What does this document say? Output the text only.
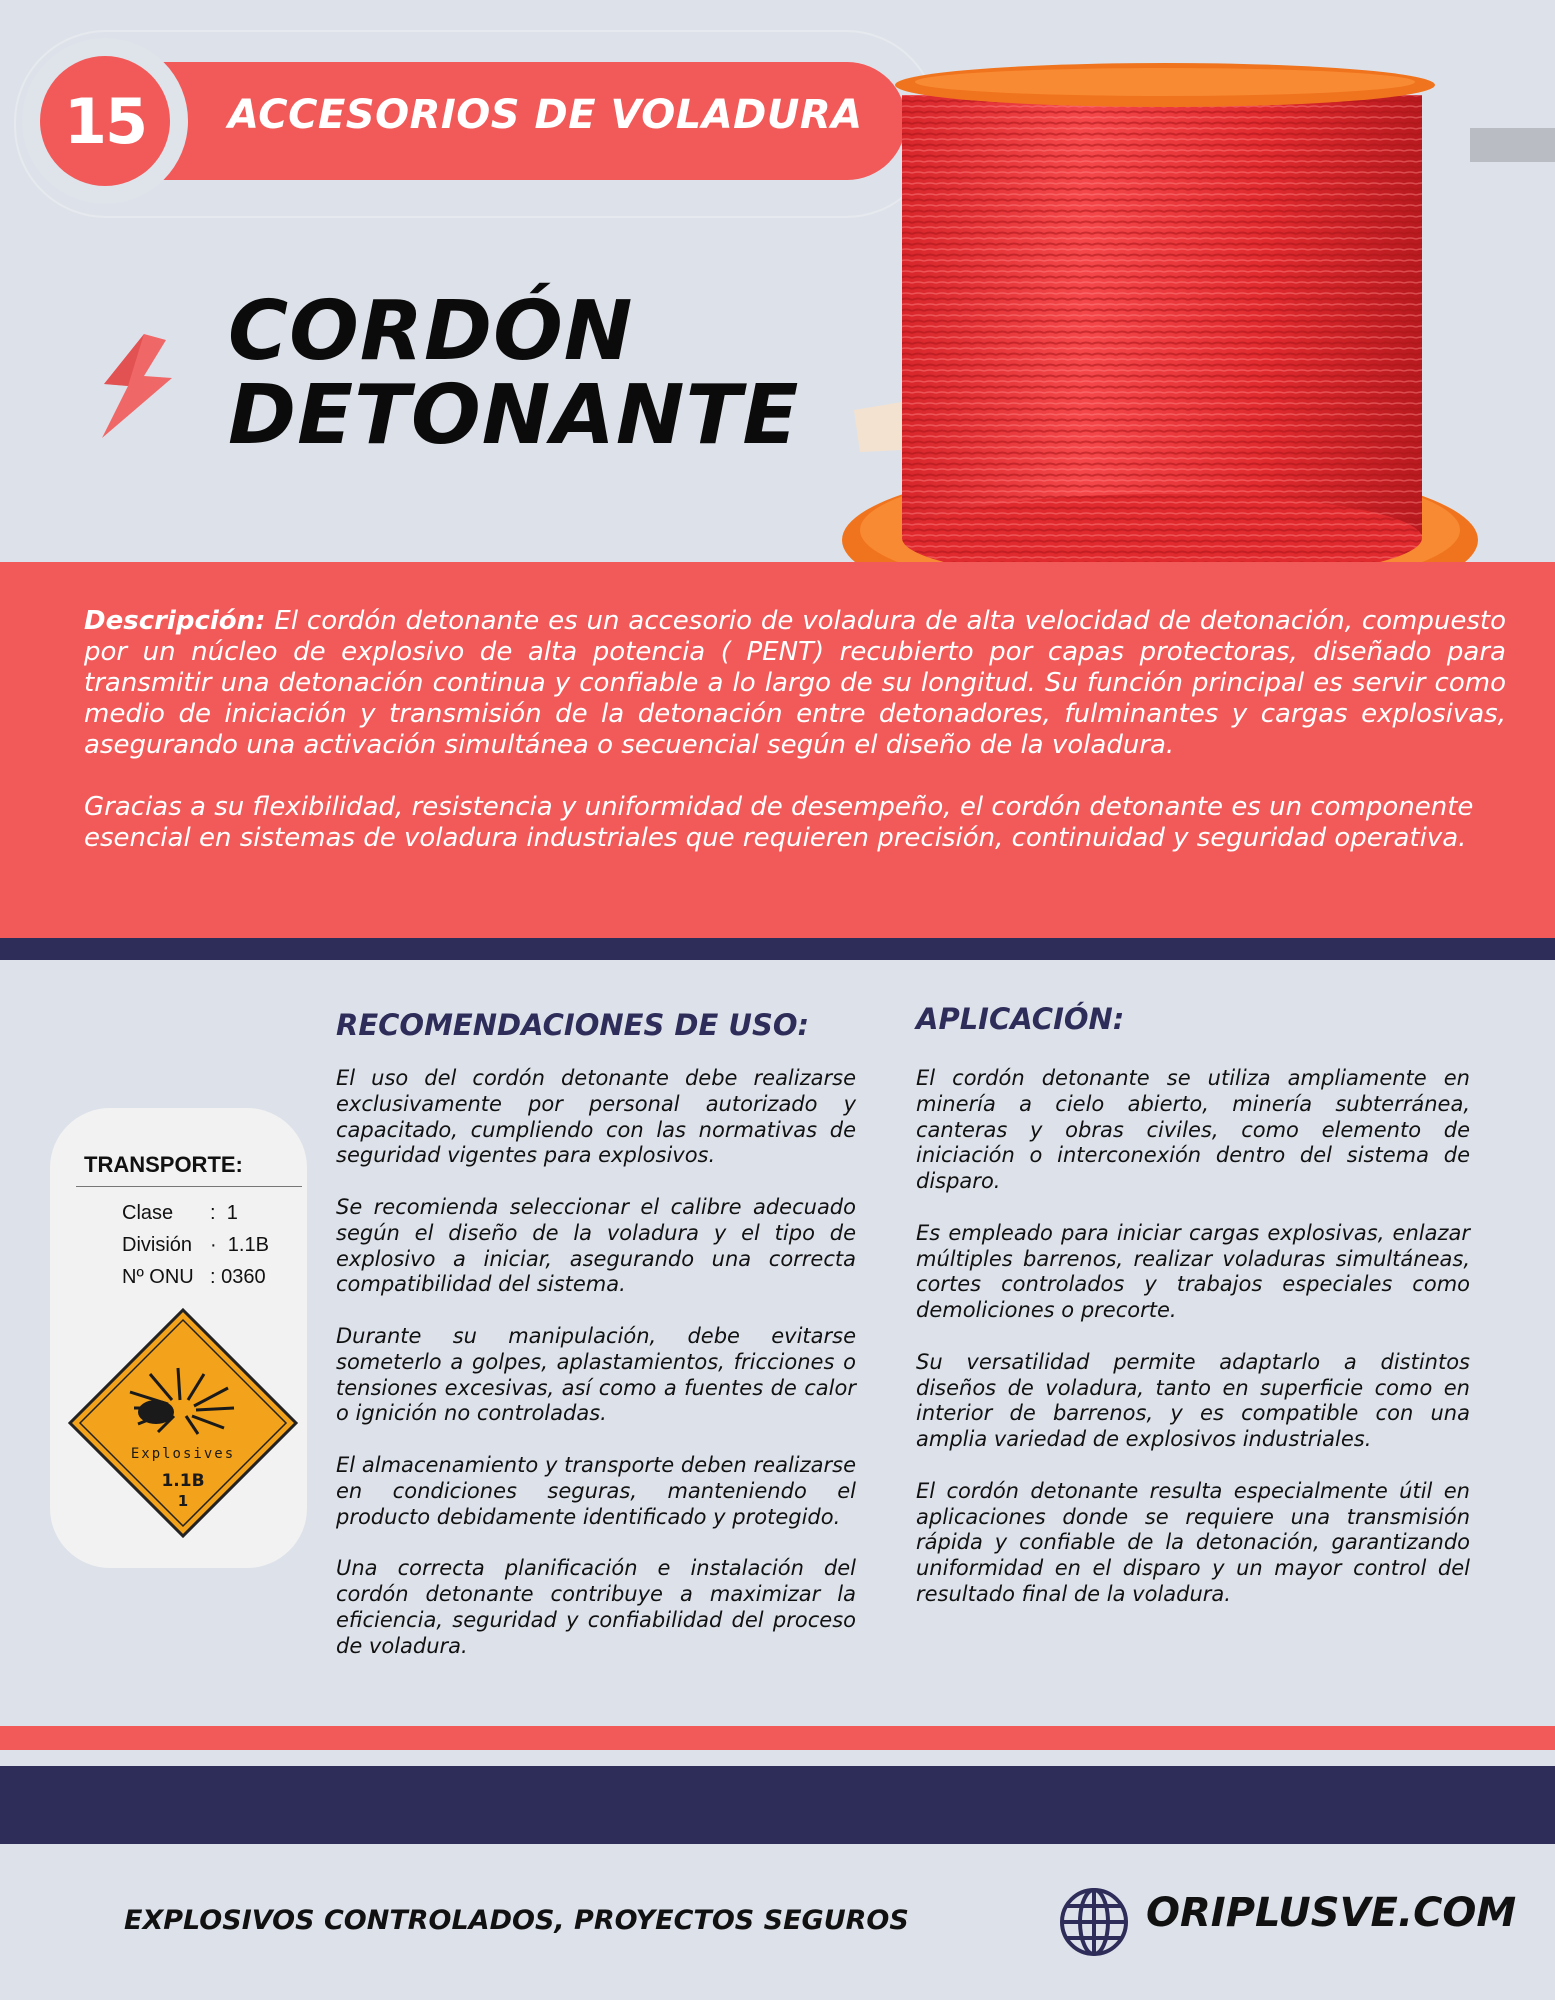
15	ACCESORIOS DE VOLADURA
CORDÓN
DETONANTE

Descripción: El cordón detonante es un accesorio de voladura de alta velocidad de detonación, compuesto por un núcleo de explosivo de alta potencia ( PENT) recubierto por capas protectoras, diseñado para transmitir una detonación continua y confiable a lo largo de su longitud. Su función principal es servir como medio de iniciación y transmisión de la detonación entre detonadores, fulminantes y cargas explosivas, asegurando una activación simultánea o secuencial según el diseño de la voladura.

Gracias a su flexibilidad, resistencia y uniformidad de desempeño, el cordón detonante es un componente esencial en sistemas de voladura industriales que requieren precisión, continuidad y seguridad operativa.

TRANSPORTE:
Clase : 1
División · 1.1B
Nº ONU : 0360
Explosives
1.1B
1
RECOMENDACIONES DE USO:

El uso del cordón detonante debe realizarse exclusivamente por personal autorizado y capacitado, cumpliendo con las normativas de seguridad vigentes para explosivos.

Se recomienda seleccionar el calibre adecuado según el diseño de la voladura y el tipo de explosivo a iniciar, asegurando una correcta compatibilidad del sistema.

Durante su manipulación, debe evitarse someterlo a golpes, aplastamientos, fricciones o tensiones excesivas, así como a fuentes de calor o ignición no controladas.

El almacenamiento y transporte deben realizarse en condiciones seguras, manteniendo el producto debidamente identificado y protegido.

Una correcta planificación e instalación del cordón detonante contribuye a maximizar la eficiencia, seguridad y confiabilidad del proceso de voladura.

APLICACIÓN:

El cordón detonante se utiliza ampliamente en minería a cielo abierto, minería subterránea, canteras y obras civiles, como elemento de iniciación o interconexión dentro del sistema de disparo.

Es empleado para iniciar cargas explosivas, enlazar múltiples barrenos, realizar voladuras simultáneas, cortes controlados y trabajos especiales como demoliciones o precorte.

Su versatilidad permite adaptarlo a distintos diseños de voladura, tanto en superficie como en interior de barrenos, y es compatible con una amplia variedad de explosivos industriales.

El cordón detonante resulta especialmente útil en aplicaciones donde se requiere una transmisión rápida y confiable de la detonación, garantizando uniformidad en el disparo y un mayor control del resultado final de la voladura.

EXPLOSIVOS CONTROLADOS, PROYECTOS SEGUROS	ORIPLUSVE.COM
